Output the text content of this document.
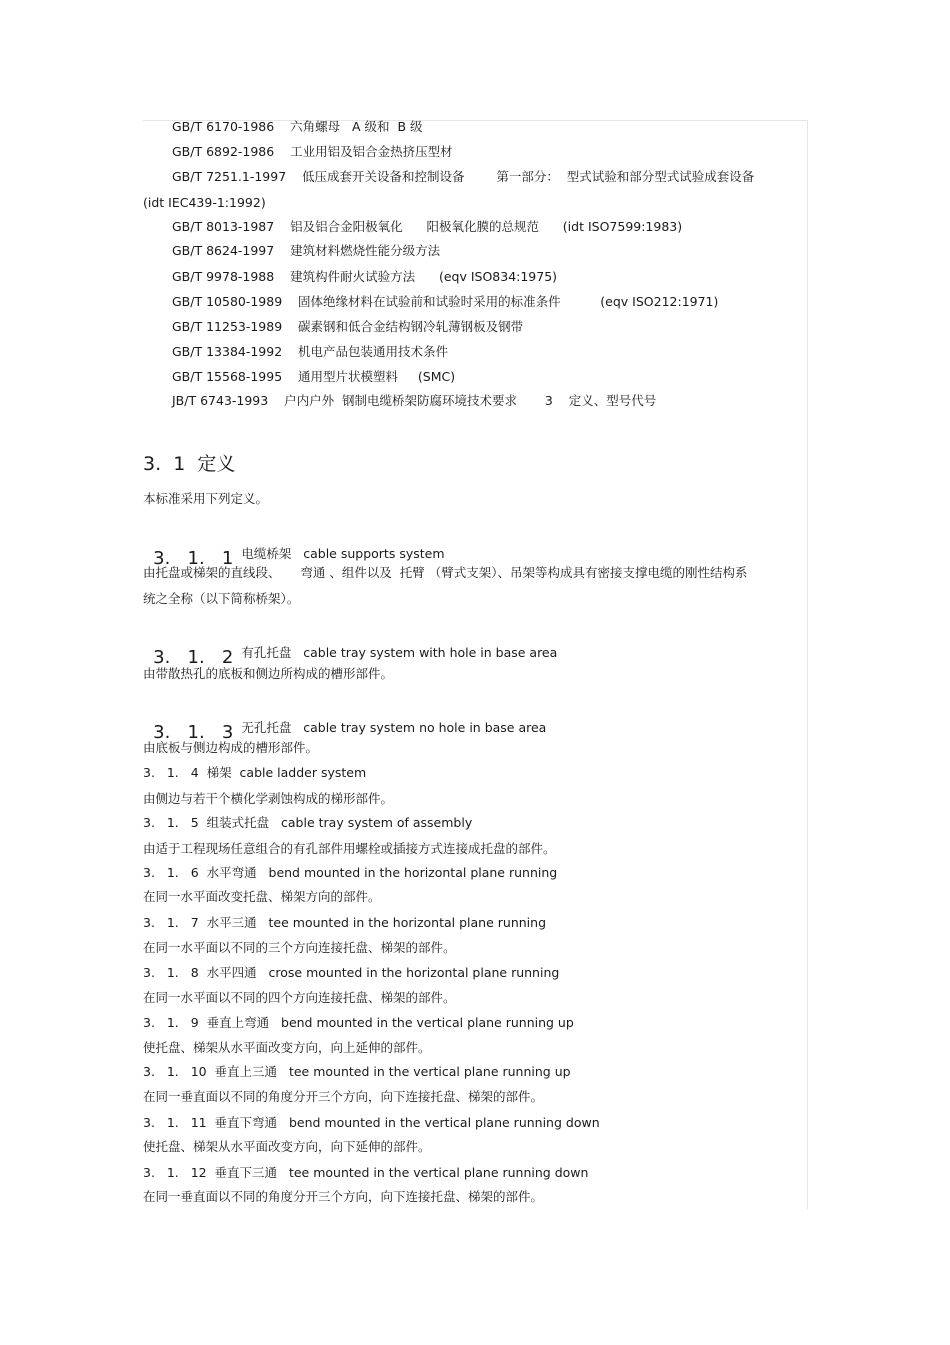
GB/T 6170-1986    六角螺母   A 级和  B 级
GB/T 6892-1986    工业用铝及铝合金热挤压型材
GB/T 7251.1-1997    低压成套开关设备和控制设备        第一部分：  型式试验和部分型式试验成套设备
(idt IEC439-1:1992)
GB/T 8013-1987    铝及铝合金阳极氧化      阳极氧化膜的总规范      (idt ISO7599:1983)
GB/T 8624-1997    建筑材料燃烧性能分级方法
GB/T 9978-1988    建筑构件耐火试验方法      (eqv ISO834:1975)
GB/T 10580-1989    固体绝缘材料在试验前和试验时采用的标准条件          (eqv ISO212:1971)
GB/T 11253-1989    碳素钢和低合金结构钢冷轧薄钢板及钢带
GB/T 13384-1992    机电产品包装通用技术条件
GB/T 15568-1995    通用型片状模塑料     (SMC)
JB/T 6743-1993    户内户外  钢制电缆桥架防腐环境技术要求       3    定义、型号代号
3.  1  定义
本标准采用下列定义。

3.   1.   1 $^{电缆桥架 cable supports system}$

由托盘或梯架的直线段、     弯通 、组件以及  托臂 （臂式支架）、吊架等构成具有密接支撑电缆的刚性结构系
统之全称（以下简称桥架）。

3.   1.   2 $^{有孔托盘 cable tray system with hole in base area}$

由带散热孔的底板和侧边所构成的槽形部件。

3.   1.   3 $^{无孔托盘 cable tray system no hole in base area}$

由底板与侧边构成的槽形部件。
3.   1.   4  梯架  cable ladder system
由侧边与若干个横化学剥蚀构成的梯形部件。
3.   1.   5  组装式托盘   cable tray system of assembly
由适于工程现场任意组合的有孔部件用螺栓或插接方式连接成托盘的部件。
3.   1.   6  水平弯通   bend mounted in the horizontal plane running
在同一水平面改变托盘、梯架方向的部件。
3.   1.   7  水平三通   tee mounted in the horizontal plane running
在同一水平面以不同的三个方向连接托盘、梯架的部件。
3.   1.   8  水平四通   crose mounted in the horizontal plane running
在同一水平面以不同的四个方向连接托盘、梯架的部件。
3.   1.   9  垂直上弯通   bend mounted in the vertical plane running up
使托盘、梯架从水平面改变方向，向上延伸的部件。
3.   1.   10  垂直上三通   tee mounted in the vertical plane running up
在同一垂直面以不同的角度分开三个方向，向下连接托盘、梯架的部件。
3.   1.   11  垂直下弯通   bend mounted in the vertical plane running down
使托盘、梯架从水平面改变方向，向下延伸的部件。
3.   1.   12  垂直下三通   tee mounted in the vertical plane running down
在同一垂直面以不同的角度分开三个方向，向下连接托盘、梯架的部件。
